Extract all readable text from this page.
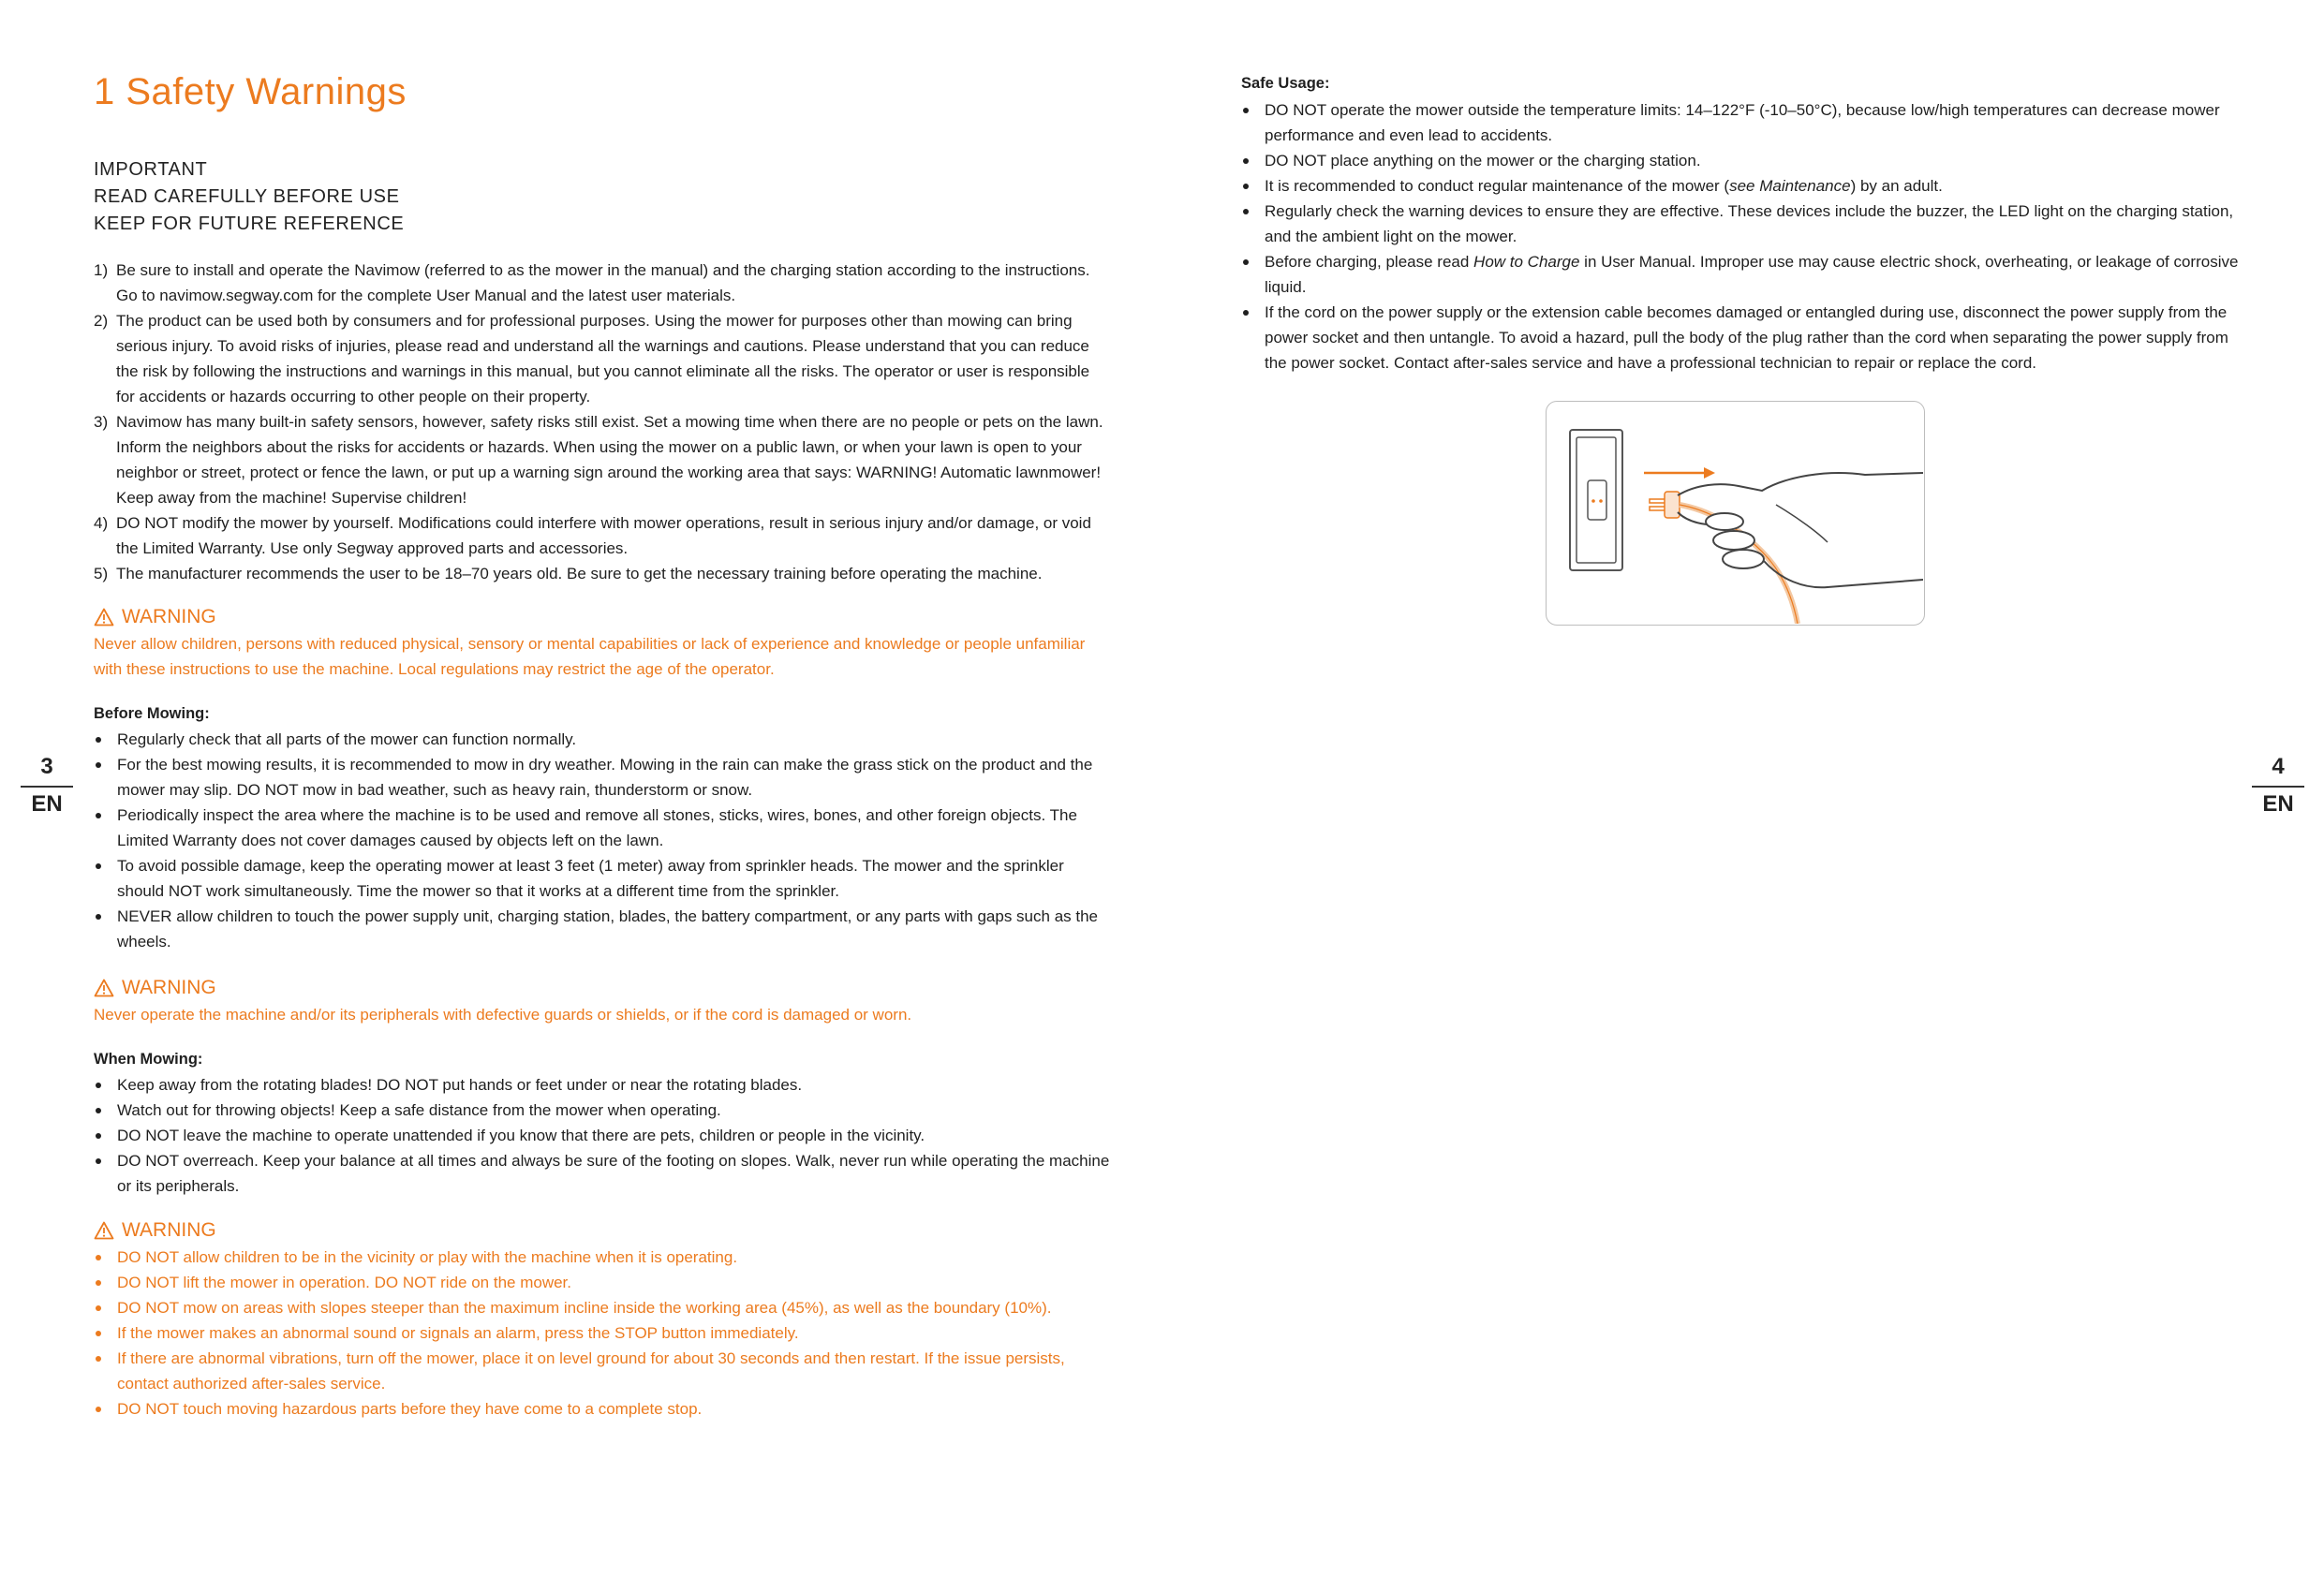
1 Safety Warnings
IMPORTANT
READ CAREFULLY BEFORE USE
KEEP FOR FUTURE REFERENCE
1) Be sure to install and operate the Navimow (referred to as the mower in the manual) and the charging station according to the instructions. Go to navimow.segway.com for the complete User Manual and the latest user materials.
2) The product can be used both by consumers and for professional purposes. Using the mower for purposes other than mowing can bring serious injury. To avoid risks of injuries, please read and understand all the warnings and cautions. Please understand that you can reduce the risk by following the instructions and warnings in this manual, but you cannot eliminate all the risks. The operator or user is responsible for accidents or hazards occurring to other people on their property.
3) Navimow has many built-in safety sensors, however, safety risks still exist. Set a mowing time when there are no people or pets on the lawn. Inform the neighbors about the risks for accidents or hazards. When using the mower on a public lawn, or when your lawn is open to your neighbor or street, protect or fence the lawn, or put up a warning sign around the working area that says: WARNING! Automatic lawnmower! Keep away from the machine! Supervise children!
4) DO NOT modify the mower by yourself. Modifications could interfere with mower operations, result in serious injury and/or damage, or void the Limited Warranty. Use only Segway approved parts and accessories.
5) The manufacturer recommends the user to be 18–70 years old. Be sure to get the necessary training before operating the machine.
WARNING
Never allow children, persons with reduced physical, sensory or mental capabilities or lack of experience and knowledge or people unfamiliar with these instructions to use the machine. Local regulations may restrict the age of the operator.
Before Mowing:
Regularly check that all parts of the mower can function normally.
For the best mowing results, it is recommended to mow in dry weather. Mowing in the rain can make the grass stick on the product and the mower may slip. DO NOT mow in bad weather, such as heavy rain, thunderstorm or snow.
Periodically inspect the area where the machine is to be used and remove all stones, sticks, wires, bones, and other foreign objects. The Limited Warranty does not cover damages caused by objects left on the lawn.
To avoid possible damage, keep the operating mower at least 3 feet (1 meter) away from sprinkler heads. The mower and the sprinkler should NOT work simultaneously. Time the mower so that it works at a different time from the sprinkler.
NEVER allow children to touch the power supply unit, charging station, blades, the battery compartment, or any parts with gaps such as the wheels.
WARNING
Never operate the machine and/or its peripherals with defective guards or shields, or if the cord is damaged or worn.
When Mowing:
Keep away from the rotating blades! DO NOT put hands or feet under or near the rotating blades.
Watch out for throwing objects! Keep a safe distance from the mower when operating.
DO NOT leave the machine to operate unattended if you know that there are pets, children or people in the vicinity.
DO NOT overreach. Keep your balance at all times and always be sure of the footing on slopes. Walk, never run while operating the machine or its peripherals.
WARNING
DO NOT allow children to be in the vicinity or play with the machine when it is operating.
DO NOT lift the mower in operation. DO NOT ride on the mower.
DO NOT mow on areas with slopes steeper than the maximum incline inside the working area (45%), as well as the boundary (10%).
If the mower makes an abnormal sound or signals an alarm, press the STOP button immediately.
If there are abnormal vibrations, turn off the mower, place it on level ground for about 30 seconds and then restart. If the issue persists, contact authorized after-sales service.
DO NOT touch moving hazardous parts before they have come to a complete stop.
3
EN
4
EN
Safe Usage:
DO NOT operate the mower outside the temperature limits: 14–122°F (-10–50°C), because low/high temperatures can decrease mower performance and even lead to accidents.
DO NOT place anything on the mower or the charging station.
It is recommended to conduct regular maintenance of the mower (see Maintenance) by an adult.
Regularly check the warning devices to ensure they are effective. These devices include the buzzer, the LED light on the charging station, and the ambient light on the mower.
Before charging, please read How to Charge in User Manual. Improper use may cause electric shock, overheating, or leakage of corrosive liquid.
If the cord on the power supply or the extension cable becomes damaged or entangled during use, disconnect the power supply from the power socket and then untangle. To avoid a hazard, pull the body of the plug rather than the cord when separating the power supply from the power socket. Contact after-sales service and have a professional technician to repair or replace the cord.
